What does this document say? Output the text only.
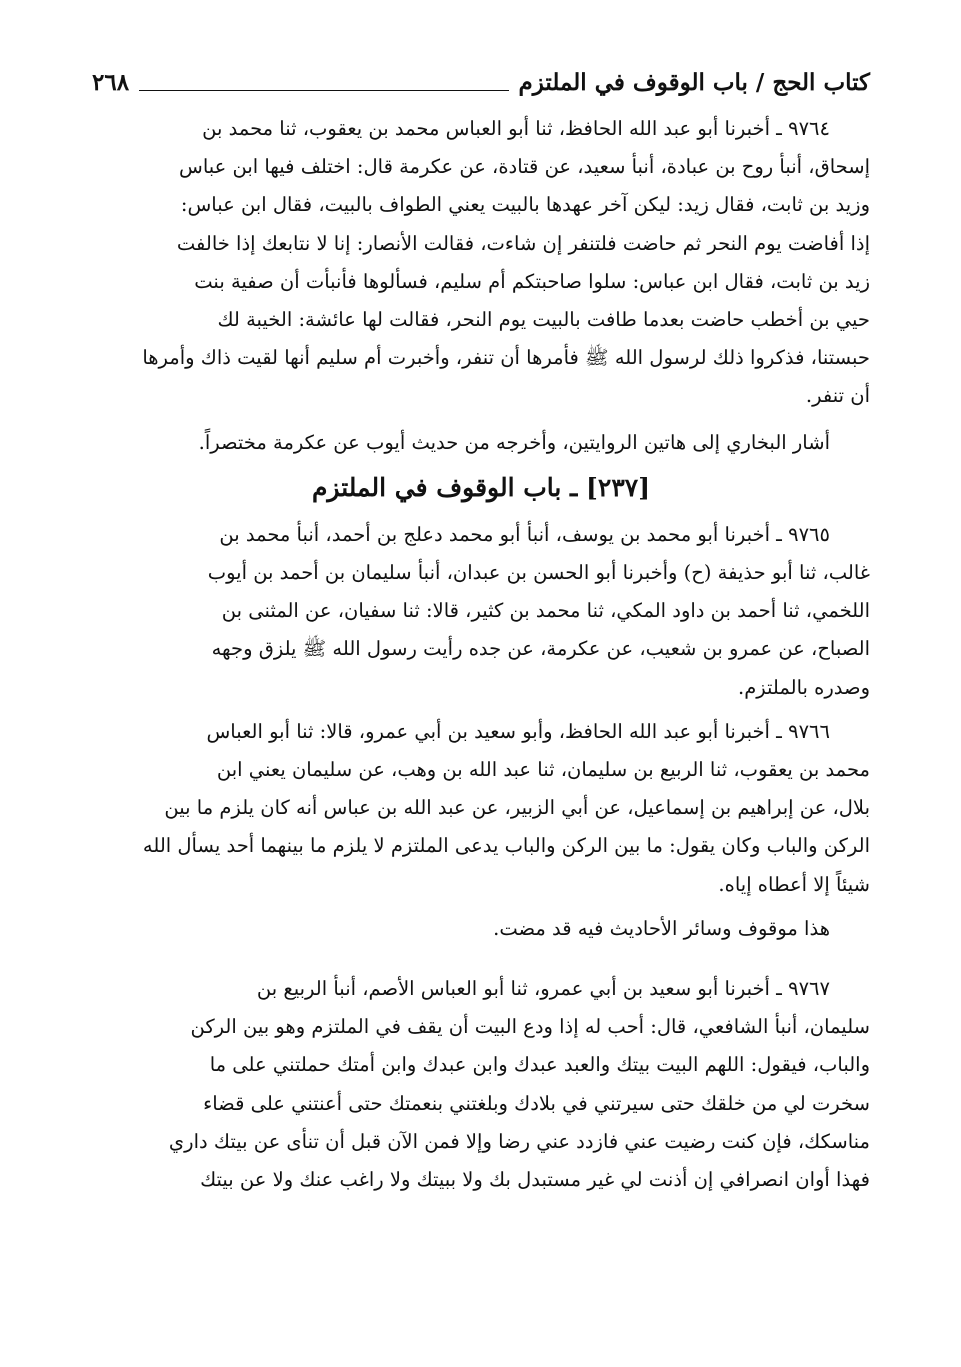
كتاب الحج / باب الوقوف في الملتزم
٢٦٨
٩٧٦٤ ـ أخبرنا أبو عبد الله الحافظ، ثنا أبو العباس محمد بن يعقوب، ثنا محمد بن
إسحاق، أنبأ روح بن عبادة، أنبأ سعيد، عن قتادة، عن عكرمة قال: اختلف فيها ابن عباس
وزيد بن ثابت، فقال زيد: ليكن آخر عهدها بالبيت يعني الطواف بالبيت، فقال ابن عباس:
إذا أفاضت يوم النحر ثم حاضت فلتنفر إن شاءت، فقالت الأنصار: إنا لا نتابعك إذا خالفت
زيد بن ثابت، فقال ابن عباس: سلوا صاحبتكم أم سليم، فسألوها فأنبأت أن صفية بنت
حيي بن أخطب حاضت بعدما طافت بالبيت يوم النحر، فقالت لها عائشة: الخيبة لك
حبستنا، فذكروا ذلك لرسول الله ﷺ فأمرها أن تنفر، وأخبرت أم سليم أنها لقيت ذاك وأمرها
أن تنفر.
أشار البخاري إلى هاتين الروايتين، وأخرجه من حديث أيوب عن عكرمة مختصراً.
[٢٣٧] ـ باب الوقوف في الملتزم
٩٧٦٥ ـ أخبرنا أبو محمد بن يوسف، أنبأ أبو محمد دعلج بن أحمد، أنبأ محمد بن
غالب، ثنا أبو حذيفة (ح) وأخبرنا أبو الحسن بن عبدان، أنبأ سليمان بن أحمد بن أيوب
اللخمي، ثنا أحمد بن داود المكي، ثنا محمد بن كثير، قالا: ثنا سفيان، عن المثنى بن
الصباح، عن عمرو بن شعيب، عن عكرمة، عن جده رأيت رسول الله ﷺ يلزق وجهه
وصدره بالملتزم.
٩٧٦٦ ـ أخبرنا أبو عبد الله الحافظ، وأبو سعيد بن أبي عمرو، قالا: ثنا أبو العباس
محمد بن يعقوب، ثنا الربيع بن سليمان، ثنا عبد الله بن وهب، عن سليمان يعني ابن
بلال، عن إبراهيم بن إسماعيل، عن أبي الزبير، عن عبد الله بن عباس أنه كان يلزم ما بين
الركن والباب وكان يقول: ما بين الركن والباب يدعى الملتزم لا يلزم ما بينهما أحد يسأل الله
شيئاً إلا أعطاه إياه.
هذا موقوف وسائر الأحاديث فيه قد مضت.
٩٧٦٧ ـ أخبرنا أبو سعيد بن أبي عمرو، ثنا أبو العباس الأصم، أنبأ الربيع بن
سليمان، أنبأ الشافعي، قال: أحب له إذا ودع البيت أن يقف في الملتزم وهو بين الركن
والباب، فيقول: اللهم البيت بيتك والعبد عبدك وابن عبدك وابن أمتك حملتني على ما
سخرت لي من خلقك حتى سيرتني في بلادك وبلغتني بنعمتك حتى أعنتني على قضاء
مناسكك، فإن كنت رضيت عني فازدد عني رضا وإلا فمن الآن قبل أن تنأى عن بيتك داري
فهذا أوان انصرافي إن أذنت لي غير مستبدل بك ولا ببيتك ولا راغب عنك ولا عن بيتك
